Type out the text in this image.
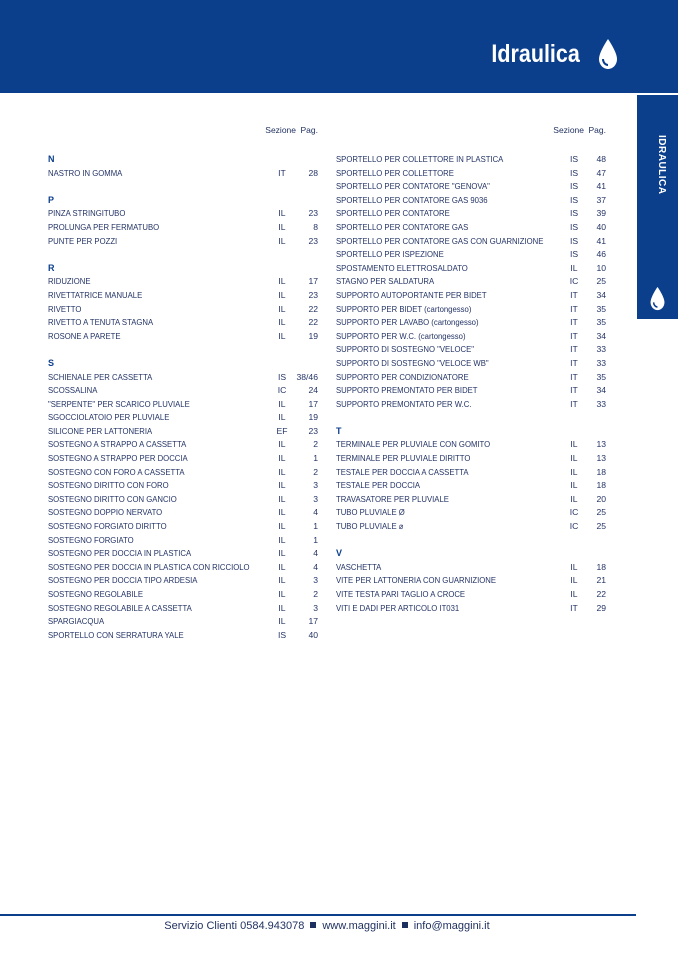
Idraulica
IDRAULICA
Sezione Pag.
N
NASTRO IN GOMMA	IT	28
P
PINZA STRINGITUBO	IL	23
PROLUNGA PER FERMATUBO	IL	8
PUNTE PER POZZI	IL	23
R
RIDUZIONE	IL	17
RIVETTATRICE MANUALE	IL	23
RIVETTO	IL	22
RIVETTO A TENUTA STAGNA	IL	22
ROSONE A PARETE	IL	19
S
SCHIENALE PER CASSETTA	IS	38/46
SCOSSALINA	IC	24
"SERPENTE" PER SCARICO PLUVIALE	IL	17
SGOCCIOLATOIO PER PLUVIALE	IL	19
SILICONE PER LATTONERIA	EF	23
SOSTEGNO A STRAPPO A CASSETTA	IL	2
SOSTEGNO A STRAPPO PER DOCCIA	IL	1
SOSTEGNO CON FORO A CASSETTA	IL	2
SOSTEGNO DIRITTO CON FORO	IL	3
SOSTEGNO DIRITTO CON GANCIO	IL	3
SOSTEGNO DOPPIO NERVATO	IL	4
SOSTEGNO FORGIATO DIRITTO	IL	1
SOSTEGNO FORGIATO	IL	1
SOSTEGNO PER DOCCIA IN PLASTICA	IL	4
SOSTEGNO PER DOCCIA IN PLASTICA CON RICCIOLO	IL	4
SOSTEGNO PER DOCCIA TIPO ARDESIA	IL	3
SOSTEGNO REGOLABILE	IL	2
SOSTEGNO REGOLABILE A CASSETTA	IL	3
SPARGIACQUA	IL	17
SPORTELLO CON SERRATURA YALE	IS	40
Sezione Pag.
SPORTELLO PER COLLETTORE IN PLASTICA	IS	48
SPORTELLO PER COLLETTORE	IS	47
SPORTELLO PER CONTATORE "GENOVA"	IS	41
SPORTELLO PER CONTATORE GAS 9036	IS	37
SPORTELLO PER CONTATORE	IS	39
SPORTELLO PER CONTATORE GAS	IS	40
SPORTELLO PER CONTATORE GAS CON GUARNIZIONE	IS	41
SPORTELLO PER ISPEZIONE	IS	46
SPOSTAMENTO ELETTROSALDATO	IL	10
STAGNO PER SALDATURA	IC	25
SUPPORTO AUTOPORTANTE PER BIDET	IT	34
SUPPORTO PER BIDET (cartongesso)	IT	35
SUPPORTO PER LAVABO (cartongesso)	IT	35
SUPPORTO PER W.C. (cartongesso)	IT	34
SUPPORTO DI SOSTEGNO "VELOCE"	IT	33
SUPPORTO DI SOSTEGNO "VELOCE WB"	IT	33
SUPPORTO PER CONDIZIONATORE	IT	35
SUPPORTO PREMONTATO PER BIDET	IT	34
SUPPORTO PREMONTATO PER W.C.	IT	33
T
TERMINALE PER PLUVIALE CON GOMITO	IL	13
TERMINALE PER PLUVIALE DIRITTO	IL	13
TESTALE PER DOCCIA A CASSETTA	IL	18
TESTALE PER DOCCIA	IL	18
TRAVASATORE PER PLUVIALE	IL	20
TUBO PLUVIALE Ø	IC	25
TUBO PLUVIALE ⌀	IC	25
V
VASCHETTA	IL	18
VITE PER LATTONERIA CON GUARNIZIONE	IL	21
VITE TESTA PARI TAGLIO A CROCE	IL	22
VITI E DADI PER ARTICOLO IT031	IT	29
Servizio Clienti 0584.943078 www.maggini.it info@maggini.it
